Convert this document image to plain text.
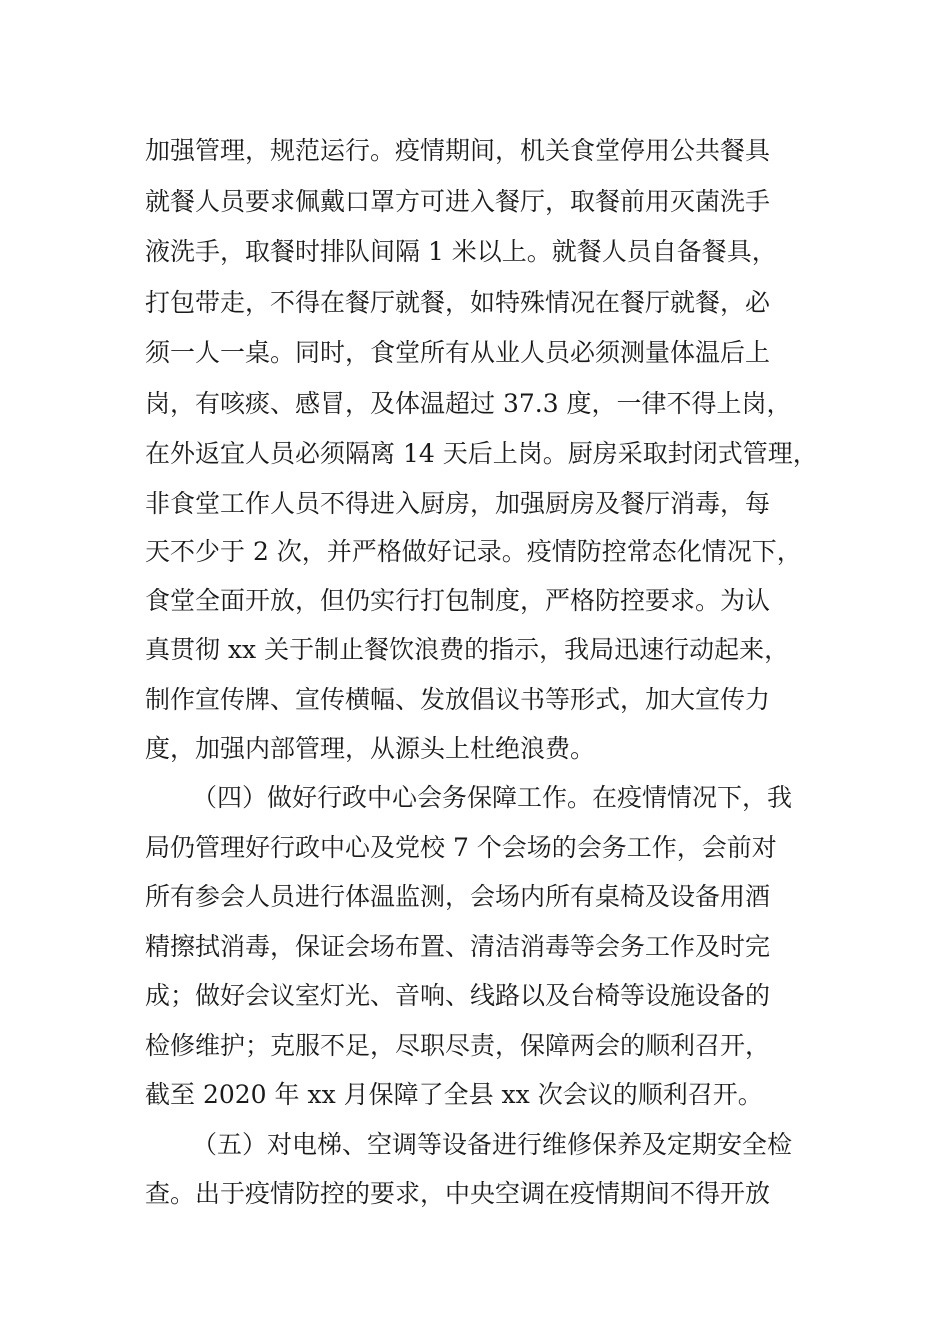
加强管理，规范运行。疫情期间，机关食堂停用公共餐具
就餐人员要求佩戴口罩方可进入餐厅，取餐前用灭菌洗手
液洗手，取餐时排队间隔 1 米以上。就餐人员自备餐具，
打包带走，不得在餐厅就餐，如特殊情况在餐厅就餐，必
须一人一桌。同时，食堂所有从业人员必须测量体温后上
岗，有咳痰、感冒，及体温超过 37.3 度，一律不得上岗，
在外返宜人员必须隔离 14 天后上岗。厨房采取封闭式管理，
非食堂工作人员不得进入厨房，加强厨房及餐厅消毒，每
天不少于 2 次，并严格做好记录。疫情防控常态化情况下，
食堂全面开放，但仍实行打包制度，严格防控要求。为认
真贯彻 xx 关于制止餐饮浪费的指示，我局迅速行动起来，
制作宣传牌、宣传横幅、发放倡议书等形式，加大宣传力
度，加强内部管理，从源头上杜绝浪费。
（四）做好行政中心会务保障工作。在疫情情况下，我
局仍管理好行政中心及党校 7 个会场的会务工作，会前对
所有参会人员进行体温监测，会场内所有桌椅及设备用酒
精擦拭消毒，保证会场布置、清洁消毒等会务工作及时完
成；做好会议室灯光、音响、线路以及台椅等设施设备的
检修维护；克服不足，尽职尽责，保障两会的顺利召开，
截至 2020 年 xx 月保障了全县 xx 次会议的顺利召开。
（五）对电梯、空调等设备进行维修保养及定期安全检
查。出于疫情防控的要求，中央空调在疫情期间不得开放
